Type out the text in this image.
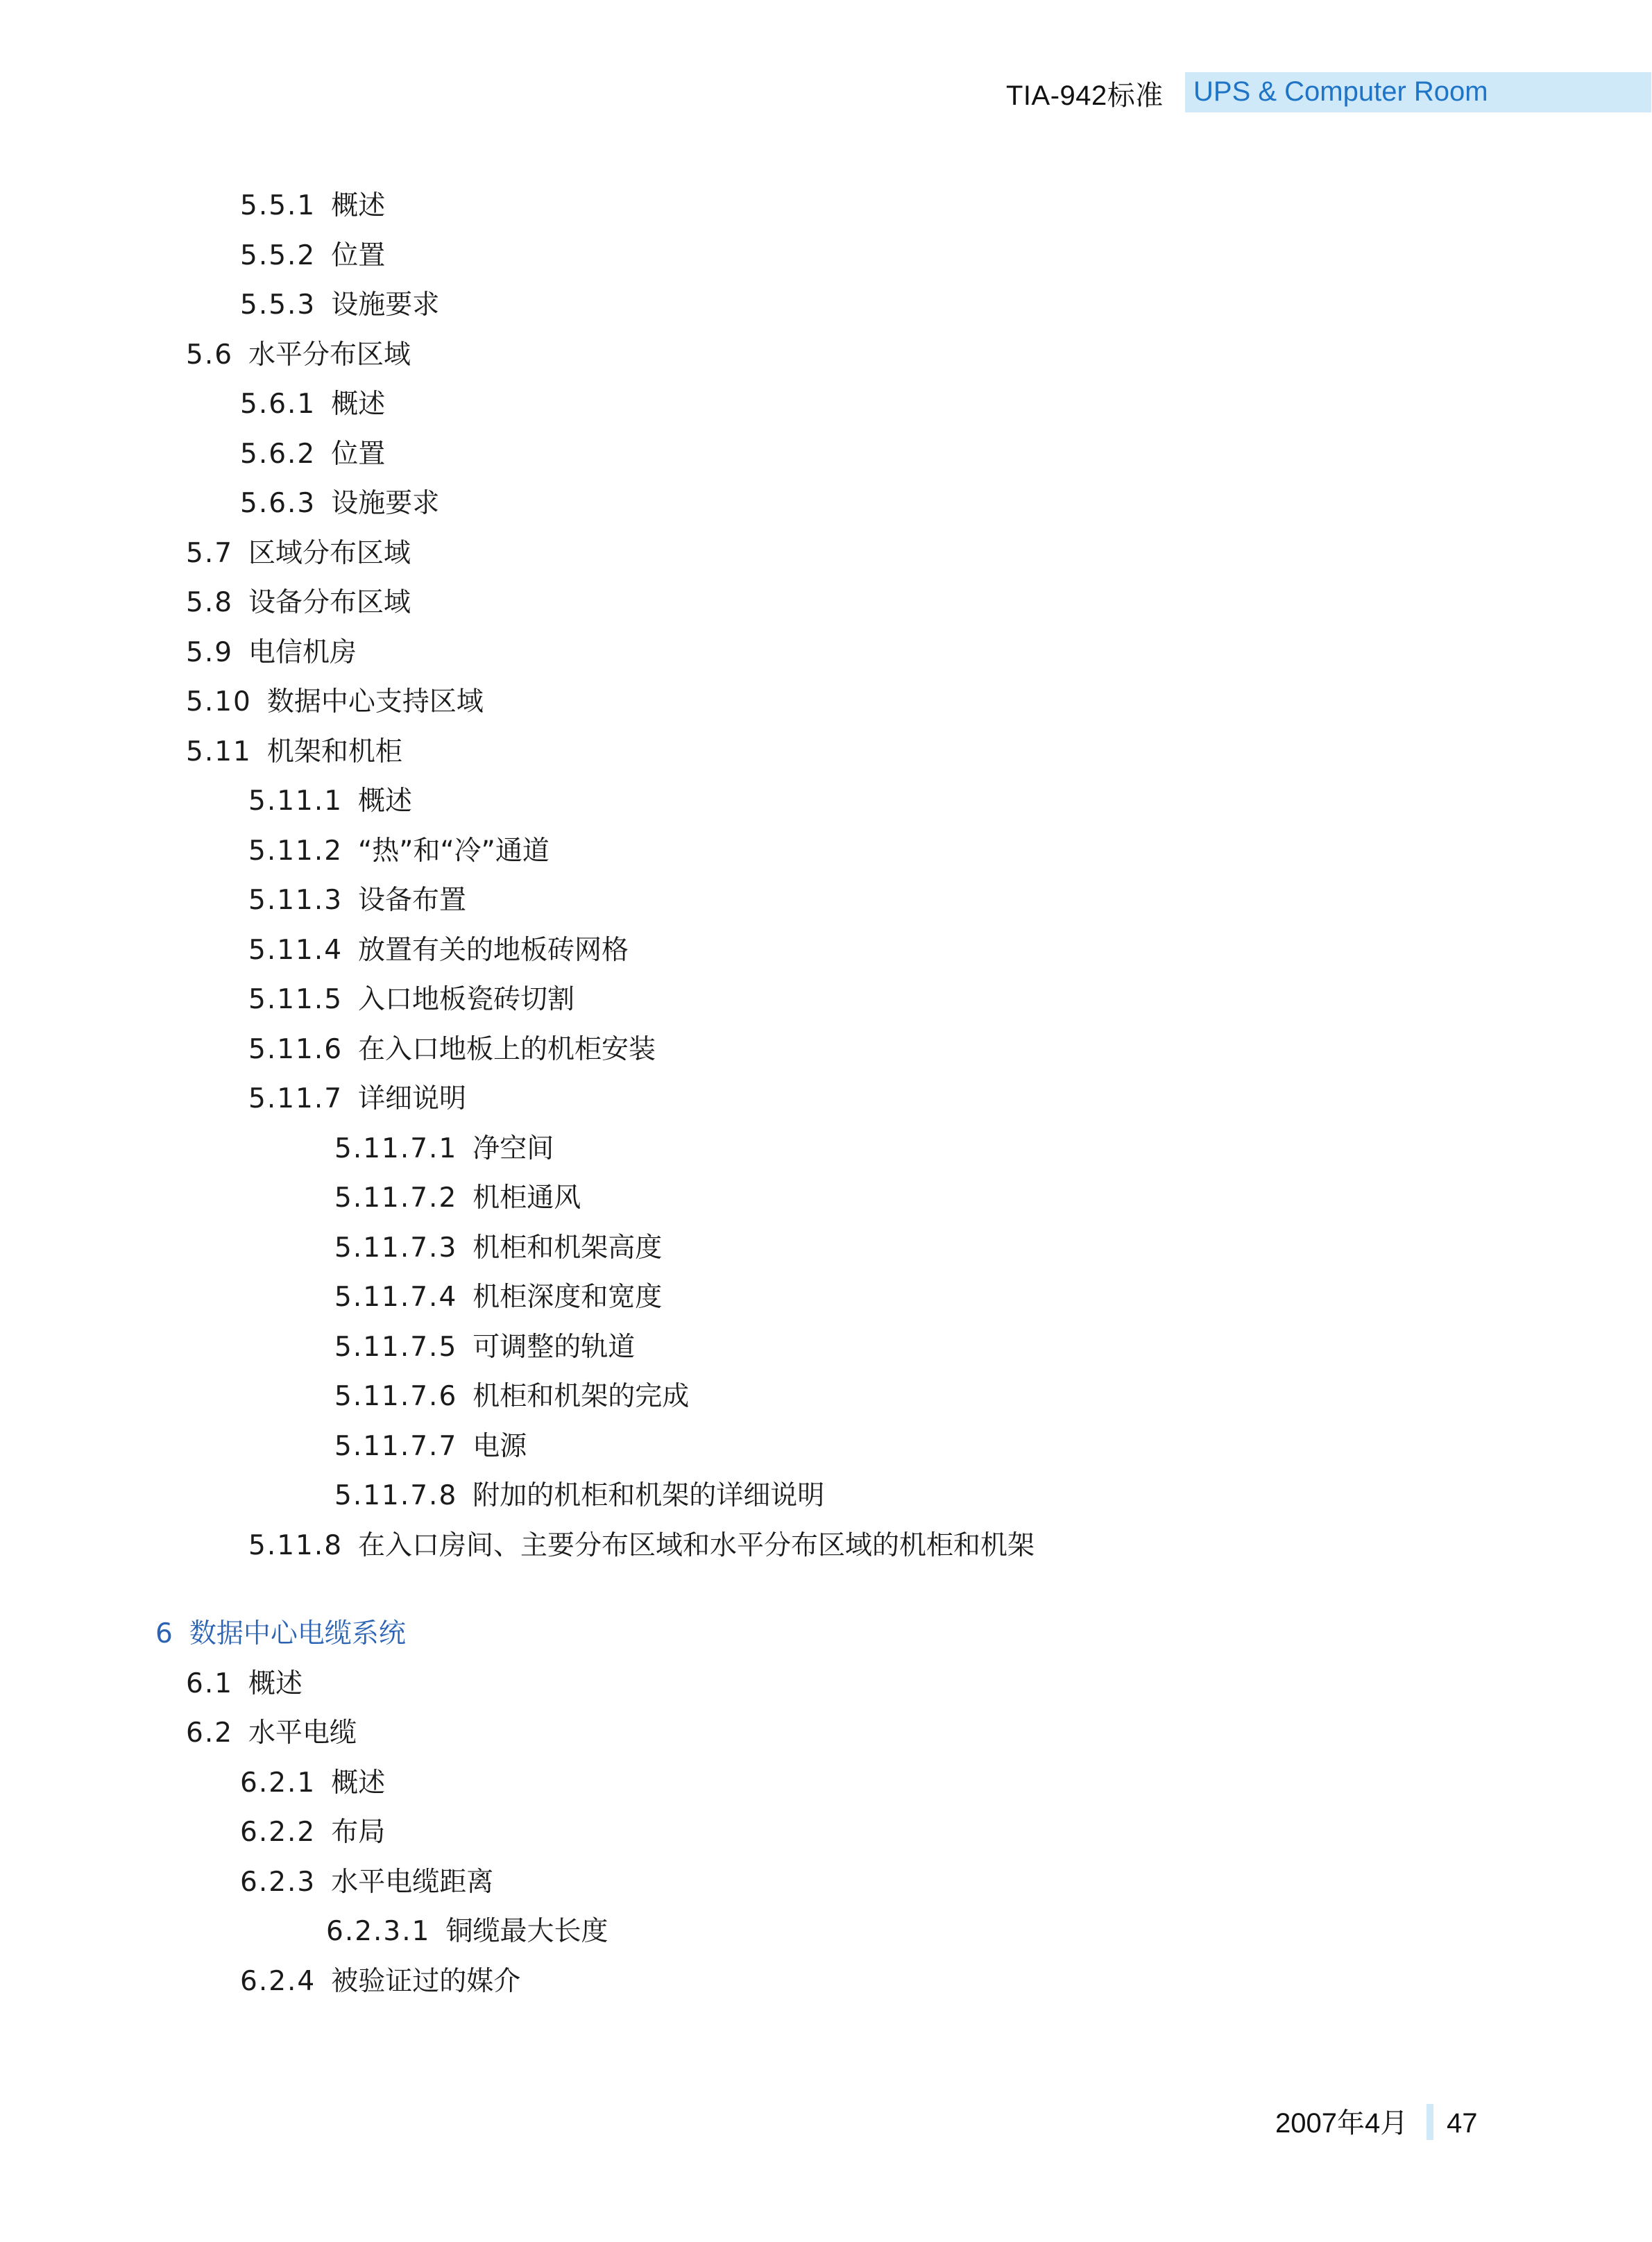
TIA-942标准 UPS & Computer Room
5.5.1 概述
5.5.2 位置
5.5.3 设施要求
5.6 水平分布区域
5.6.1 概述
5.6.2 位置
5.6.3 设施要求
5.7 区域分布区域
5.8 设备分布区域
5.9 电信机房
5.10 数据中心支持区域
5.11 机架和机柜
5.11.1 概述
5.11.2 “热”和“冷”通道
5.11.3 设备布置
5.11.4 放置有关的地板砖网格
5.11.5 入口地板瓷砖切割
5.11.6 在入口地板上的机柜安装
5.11.7 详细说明
5.11.7.1 净空间
5.11.7.2 机柜通风
5.11.7.3 机柜和机架高度
5.11.7.4 机柜深度和宽度
5.11.7.5 可调整的轨道
5.11.7.6 机柜和机架的完成
5.11.7.7 电源
5.11.7.8 附加的机柜和机架的详细说明
5.11.8 在入口房间、主要分布区域和水平分布区域的机柜和机架
6 数据中心电缆系统
6.1 概述
6.2 水平电缆
6.2.1 概述
6.2.2 布局
6.2.3 水平电缆距离
6.2.3.1 铜缆最大长度
6.2.4 被验证过的媒介
2007年4月 47
